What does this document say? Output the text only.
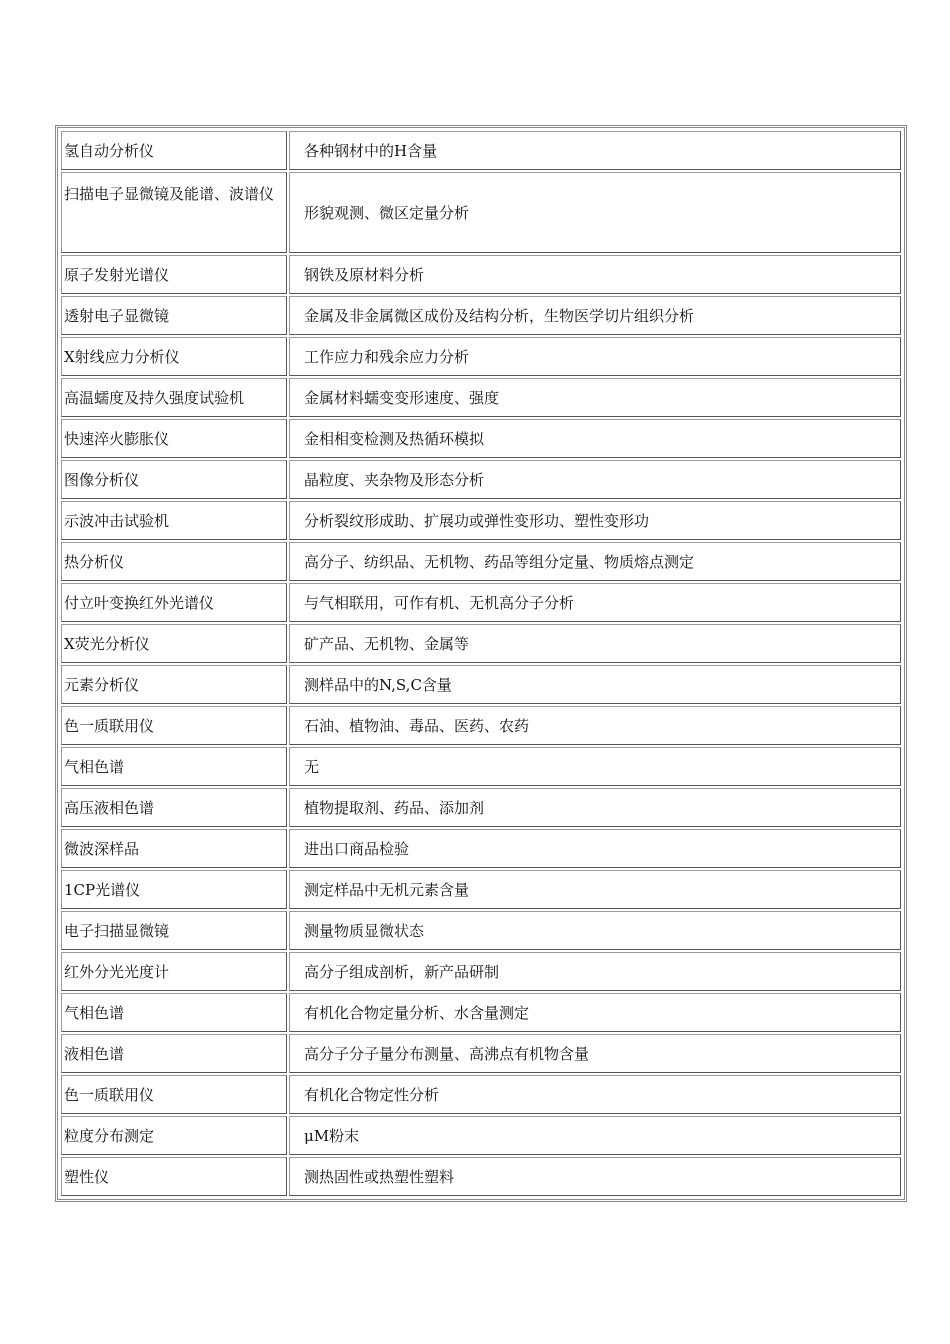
氢自动分析仪	各种钢材中的H含量
扫描电子显微镜及能谱、波谱仪	形貌观测、微区定量分析
原子发射光谱仪	钢铁及原材料分析
透射电子显微镜	金属及非金属微区成份及结构分析，生物医学切片组织分析
X射线应力分析仪	工作应力和残余应力分析
高温蠕度及持久强度试验机	金属材料蠕变变形速度、强度
快速淬火膨胀仪	金相相变检测及热循环模拟
图像分析仪	晶粒度、夹杂物及形态分析
示波冲击试验机	分析裂纹形成助、扩展功或弹性变形功、塑性变形功
热分析仪	高分子、纺织品、无机物、药品等组分定量、物质熔点测定
付立叶变换红外光谱仪	与气相联用，可作有机、无机高分子分析
X荧光分析仪	矿产品、无机物、金属等
元素分析仪	测样品中的N,S,C含量
色一质联用仪	石油、植物油、毒品、医药、农药
气相色谱	无
高压液相色谱	植物提取剂、药品、添加剂
微波深样品	进出口商品检验
1CP光谱仪	测定样品中无机元素含量
电子扫描显微镜	测量物质显微状态
红外分光光度计	高分子组成剖析，新产品研制
气相色谱	有机化合物定量分析、水含量测定
液相色谱	高分子分子量分布测量、高沸点有机物含量
色一质联用仪	有机化合物定性分析
粒度分布测定	μM粉末
塑性仪	测热固性或热塑性塑料
